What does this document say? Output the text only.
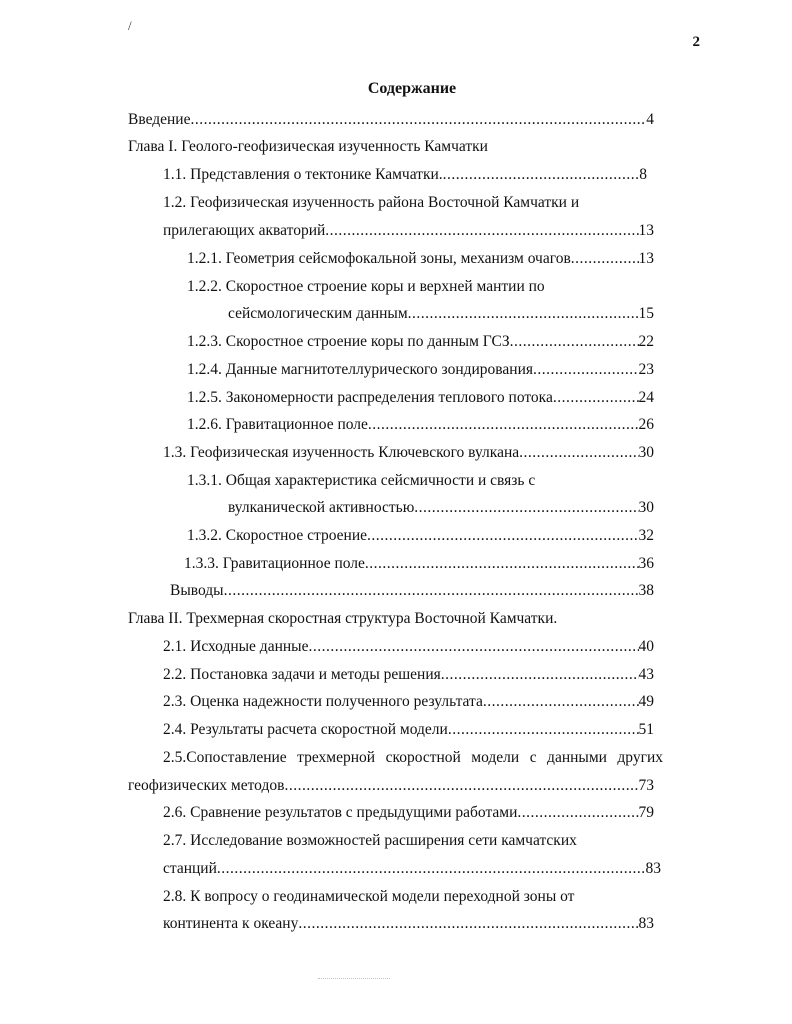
/
2
Содержание
Введение .....	4
Глава I. Геолого-геофизическая изученность Камчатки
1.1. Представления о тектонике Камчатки. .....	8
1.2. Геофизическая изученность района Восточной Камчатки и
прилегающих акваторий .....	13
1.2.1. Геометрия сейсмофокальной зоны, механизм очагов .....	13
1.2.2. Скоростное строение коры и верхней мантии по
сейсмологическим данным .....	15
1.2.3. Скоростное строение коры по данным ГСЗ .....	22
1.2.4. Данные магнитотеллурического зондирования .....	23
1.2.5. Закономерности распределения теплового потока .....	24
1.2.6. Гравитационное поле .....	26
1.3. Геофизическая изученность Ключевского вулкана .....	30
1.3.1. Общая характеристика сейсмичности и связь с
вулканической активностью .....	30
1.3.2. Скоростное строение .....	32
1.3.3. Гравитационное поле .....	36
Выводы .....	38
Глава II. Трехмерная скоростная структура Восточной Камчатки.
2.1. Исходные данные .....	40
2.2. Постановка задачи и методы решения .....	43
2.3. Оценка надежности полученного результата .....	49
2.4. Результаты расчета скоростной модели .....	51
2.5.Сопоставление трехмерной скоростной модели с данными других
геофизических методов .....	73
2.6. Сравнение результатов с предыдущими работами .....	79
2.7. Исследование возможностей расширения сети камчатских
станций .....	83
2.8. К вопросу о геодинамической модели переходной зоны от
континента к океану .....	83
